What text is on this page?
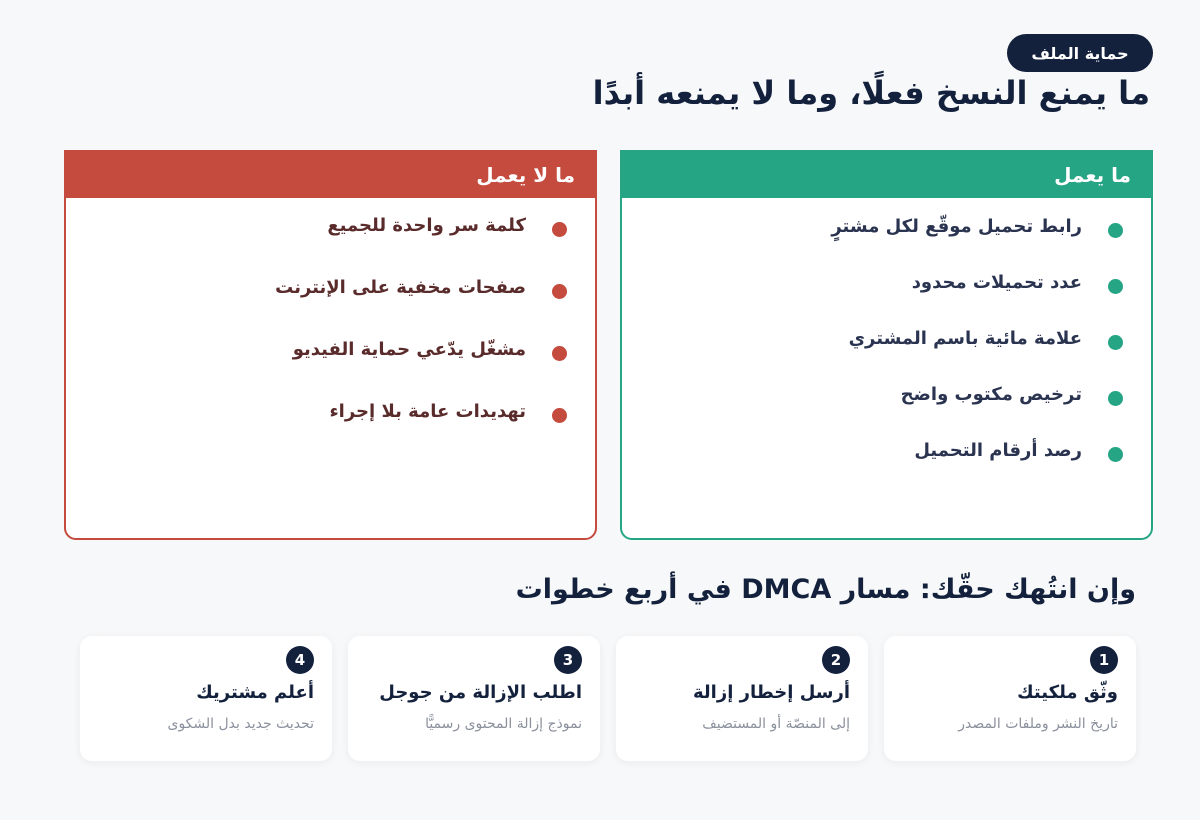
حماية الملف
ما يمنع النسخ فعلًا، وما لا يمنعه أبدًا
ما يعمل
رابط تحميل موقّع لكل مشترٍ
عدد تحميلات محدود
علامة مائية باسم المشتري
ترخيص مكتوب واضح
رصد أرقام التحميل
ما لا يعمل
كلمة سر واحدة للجميع
صفحات مخفية على الإنترنت
مشغّل يدّعي حماية الفيديو
تهديدات عامة بلا إجراء
وإن انتُهك حقّك: مسار DMCA في أربع خطوات
1
وثّق ملكيتك
تاريخ النشر وملفات المصدر
2
أرسل إخطار إزالة
إلى المنصّة أو المستضيف
3
اطلب الإزالة من جوجل
نموذج إزالة المحتوى رسميًّا
4
أعلم مشتريك
تحديث جديد بدل الشكوى
